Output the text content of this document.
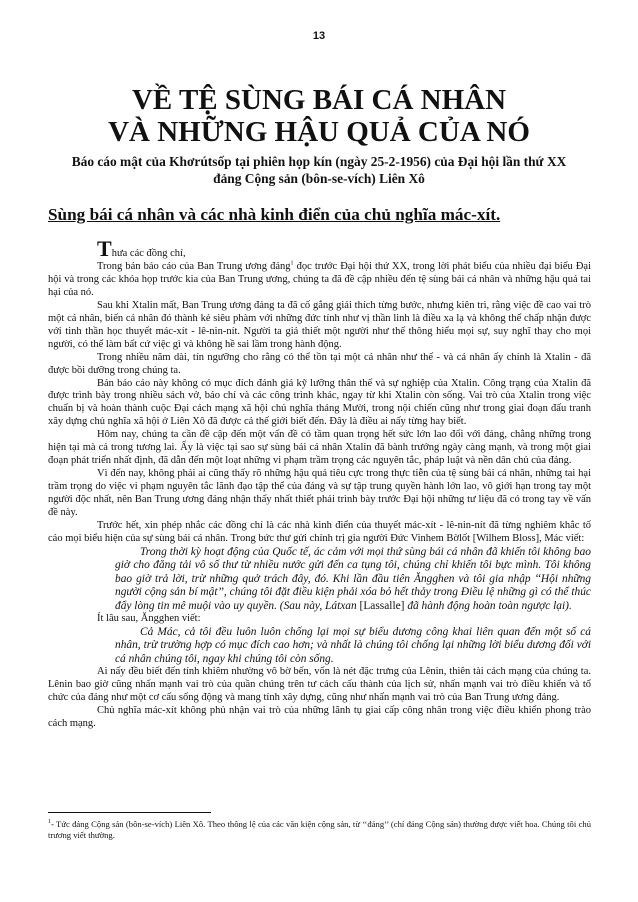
13
VỀ TỆ SÙNG BÁI CÁ NHÂN
VÀ NHỮNG HẬU QUẢ CỦA NÓ
Báo cáo mật của Khơrútsốp tại phiên họp kín (ngày 25-2-1956) của Đại hội lần thứ XX
đảng Cộng sản (bôn-se-vích) Liên Xô
Sùng bái cá nhân và các nhà kinh điển của chủ nghĩa mác-xít.

Thưa các đồng chí,

Trong bản báo cáo của Ban Trung ương đảng$^1$ đọc trước Đại hội thứ XX, trong lời phát biểu của nhiều đại biểu Đại hội và trong các khóa họp trước kia của Ban Trung ương, chúng ta đã đề cập nhiều đến tệ sùng bái cá nhân và những hậu quả tai hại của nó.

Sau khi Xtalin mất, Ban Trung ương đảng ta đã cố gắng giải thích từng bước, nhưng kiên trì, rằng việc đề cao vai trò một cá nhân, biến cá nhân đó thành kẻ siêu phàm với những đức tính như vị thần linh là điều xa lạ và không thể chấp nhận được với tinh thần học thuyết mác-xít - lê-nin-nít. Người ta giả thiết một người như thế thông hiểu mọi sự, suy nghĩ thay cho mọi người, có thể làm bất cứ việc gì và không hề sai lầm trong hành động.

Trong nhiều năm dài, tín ngưỡng cho rằng có thể tồn tại một cá nhân như thế - và cá nhân ấy chính là Xtalin - đã được bồi dưỡng trong chúng ta.

Bản báo cáo này không có mục đích đánh giá kỹ lưỡng thân thế và sự nghiệp của Xtalin. Công trạng của Xtalin đã được trình bày trong nhiều sách vở, báo chí và các công trình khác, ngay từ khi Xtalin còn sống. Vai trò của Xtalin trong việc chuẩn bị và hoàn thành cuộc Đại cách mạng xã hội chủ nghĩa tháng Mười, trong nội chiến cũng như trong giai đoạn đấu tranh xây dựng chủ nghĩa xã hội ở Liên Xô đã được cả thế giới biết đến. Đây là điều ai nấy từng hay biết.

Hôm nay, chúng ta cần đề cập đến một vấn đề có tầm quan trọng hết sức lớn lao đối với đảng, chẳng những trong hiện tại mà cả trong tương lai. Ấy là việc tại sao sự sùng bái cá nhân Xtalin đã bành trướng ngày càng mạnh, và trong một giai đoạn phát triển nhất định, đã dẫn đến một loạt những vi phạm trầm trọng các nguyên tắc, pháp luật và nền dân chủ của đảng.

Vì đến nay, không phải ai cũng thấy rõ những hậu quả tiêu cực trong thực tiễn của tệ sùng bái cá nhân, những tai hại trầm trọng do việc vi phạm nguyên tắc lãnh đạo tập thể của đảng và sự tập trung quyền hành lớn lao, vô giới hạn trong tay một người độc nhất, nên Ban Trung ương đảng nhận thấy nhất thiết phải trình bày trước Đại hội những tư liệu đã có trong tay về vấn đề này.

Trước hết, xin phép nhắc các đồng chí là các nhà kinh điển của thuyết mác-xít - lê-nin-nít đã từng nghiêm khắc tố cáo mọi biểu hiện của sự sùng bái cá nhân. Trong bức thư gửi chính trị gia người Đức Vinhem Bờlốt [Wilhem Bloss], Mác viết:

Trong thời kỳ hoạt động của Quốc tế, ác cảm với mọi thứ sùng bái cá nhân đã khiến tôi không bao giờ cho đăng tải vô số thư từ nhiều nước gửi đến ca tụng tôi, chúng chỉ khiến tôi bực mình. Tôi không bao giờ trả lời, trừ những quở trách đây, đó. Khi lần đầu tiên Ăngghen và tôi gia nhập ‘‘Hội những người cộng sản bí mật’’, chúng tôi đặt điều kiện phải xóa bỏ hết thảy trong Điều lệ những gì có thể thúc đẩy lòng tin mê muội vào uy quyền. (Sau này, Látxan [Lassalle] đã hành động hoàn toàn ngược lại).

Ít lâu sau, Ăngghen viết:

Cả Mác, cả tôi đều luôn luôn chống lại mọi sự biểu dương công khai liên quan đến một số cá nhân, trừ trường hợp có mục đích cao hơn; và nhất là chúng tôi chống lại những lời biểu dương đối với cá nhân chúng tôi, ngay khi chúng tôi còn sống.

Ai nấy đều biết đến tính khiêm nhường vô bờ bến, vốn là nét đặc trưng của Lênin, thiên tài cách mạng của chúng ta. Lênin bao giờ cũng nhấn mạnh vai trò của quần chúng trên tư cách cấu thành của lịch sử, nhấn mạnh vai trò điều khiển và tổ chức của đảng như một cơ cấu sống động và mang tính xây dựng, cũng như nhấn mạnh vai trò của Ban Trung ương đảng.

Chủ nghĩa mác-xít không phủ nhận vai trò của những lãnh tụ giai cấp công nhân trong việc điều khiển phong trào cách mạng.

$^1$- Tức đảng Cộng sản (bôn-se-vích) Liên Xô. Theo thông lệ của các văn kiện cộng sản, từ ‘‘đảng’’ (chỉ đảng Cộng sản) thường được viết hoa. Chúng tôi chủ trương viết thường.
